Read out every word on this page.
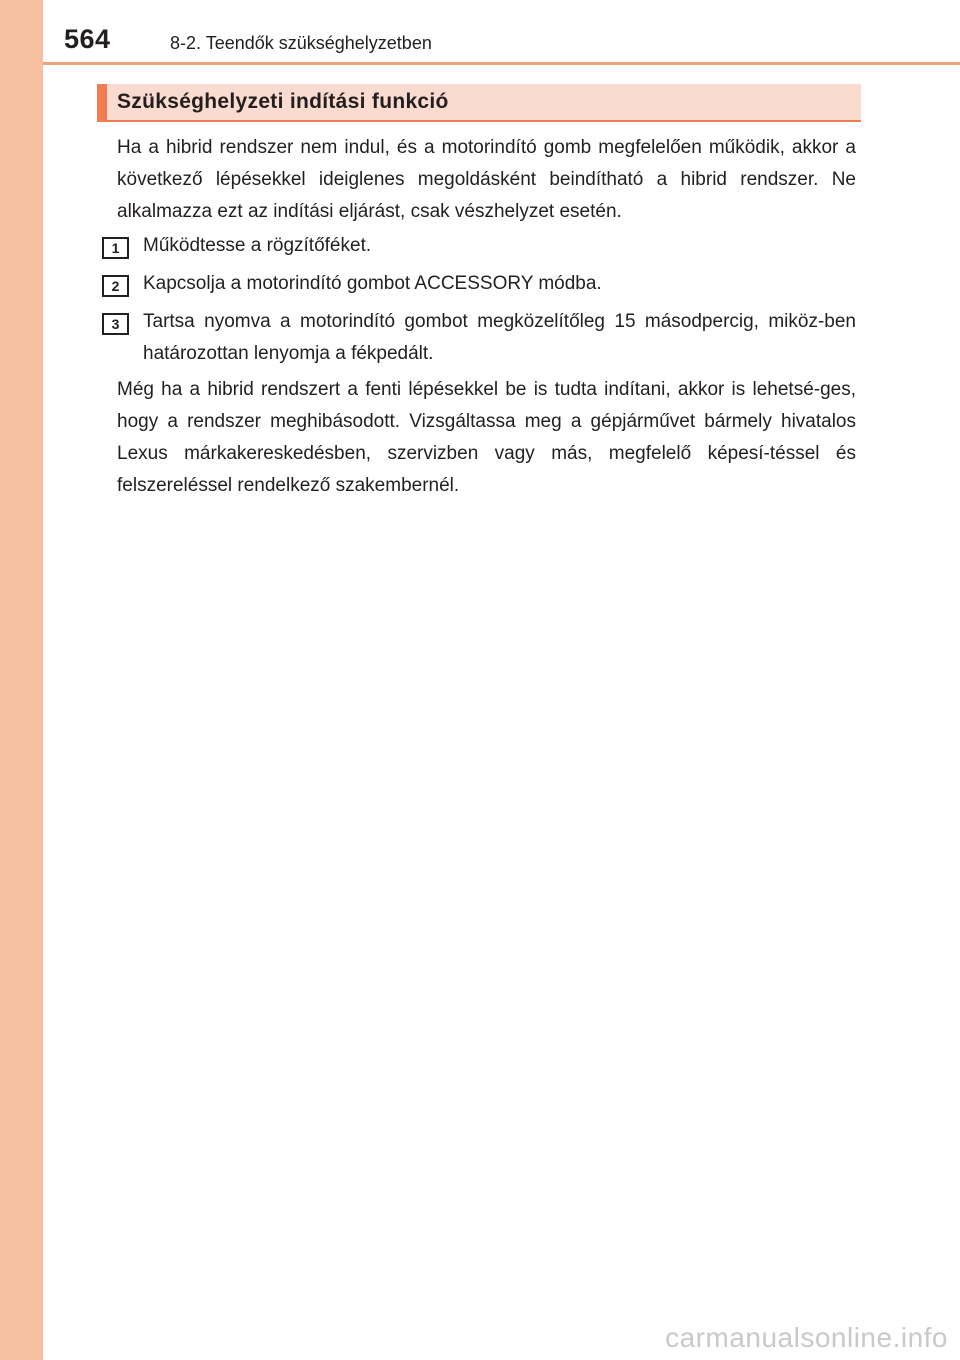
564	8-2. Teendők szükséghelyzetben
Szükséghelyzeti indítási funkció
Ha a hibrid rendszer nem indul, és a motorindító gomb megfelelően működik, akkor a következő lépésekkel ideiglenes megoldásként beindítható a hibrid rendszer. Ne alkalmazza ezt az indítási eljárást, csak vészhelyzet esetén.
1	Működtesse a rögzítőféket.
2	Kapcsolja a motorindító gombot ACCESSORY módba.
3	Tartsa nyomva a motorindító gombot megközelítőleg 15 másodpercig, miköz-ben határozottan lenyomja a fékpedált.
Még ha a hibrid rendszert a fenti lépésekkel be is tudta indítani, akkor is lehetsé-ges, hogy a rendszer meghibásodott. Vizsgáltassa meg a gépjárművet bármely hivatalos Lexus márkakereskedésben, szervizben vagy más, megfelelő képesí-téssel és felszereléssel rendelkező szakembernél.
carmanualsonline.info
